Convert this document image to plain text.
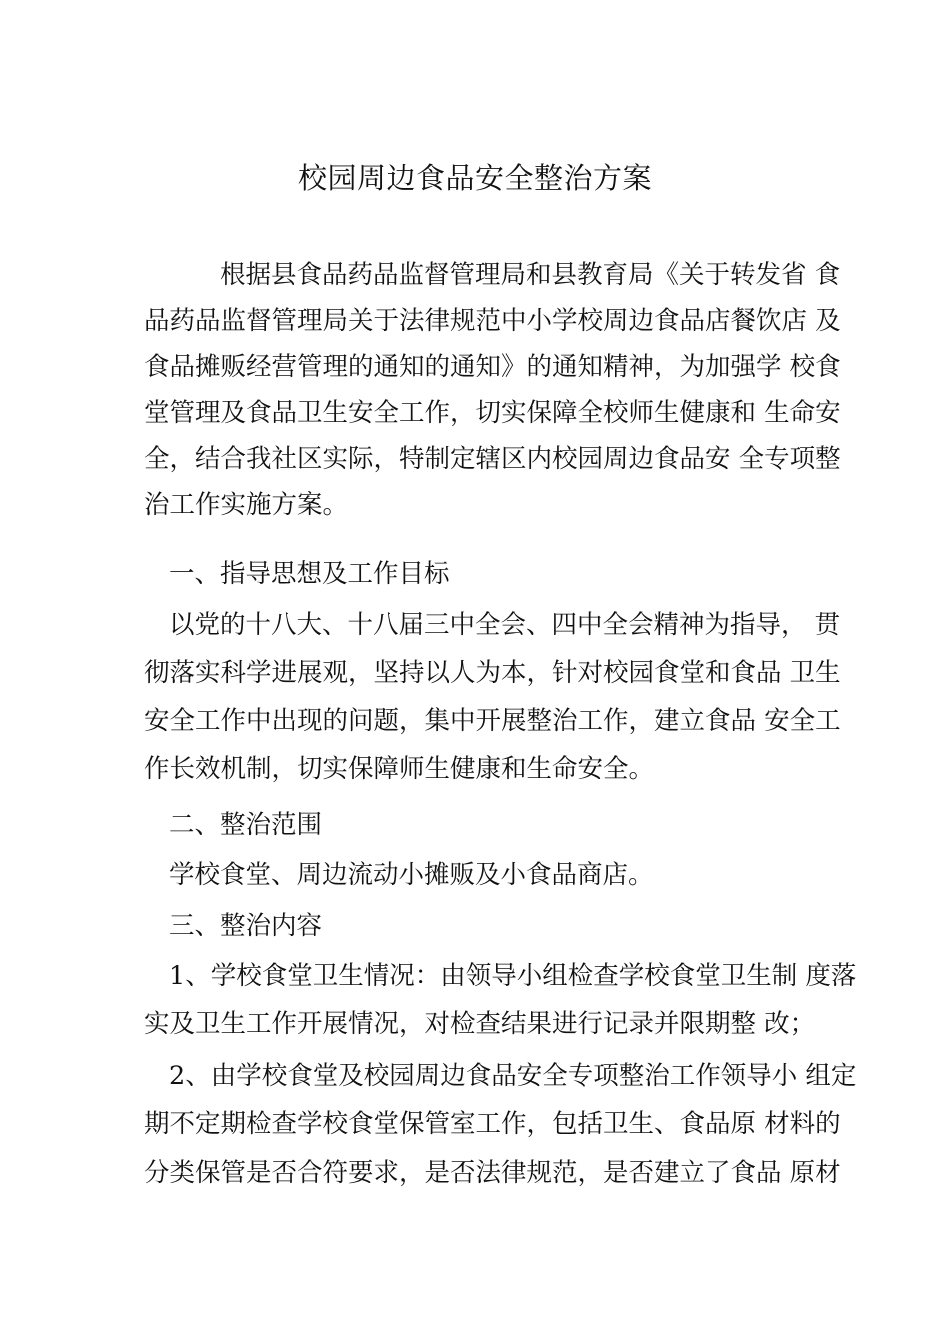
校园周边食品安全整治方案
根据县食品药品监督管理局和县教育局《关于转发省 食
品药品监督管理局关于法律规范中小学校周边食品店餐饮店 及
食品摊贩经营管理的通知的通知》的通知精神，为加强学 校食
堂管理及食品卫生安全工作，切实保障全校师生健康和 生命安
全，结合我社区实际，特制定辖区内校园周边食品安 全专项整
治工作实施方案。
一、指导思想及工作目标
以党的十八大、十八届三中全会、四中全会精神为指导， 贯
彻落实科学进展观，坚持以人为本，针对校园食堂和食品 卫生
安全工作中出现的问题，集中开展整治工作，建立食品 安全工
作长效机制，切实保障师生健康和生命安全。
二、整治范围
学校食堂、周边流动小摊贩及小食品商店。
三、整治内容
1、学校食堂卫生情况：由领导小组检查学校食堂卫生制 度落
实及卫生工作开展情况，对检查结果进行记录并限期整 改；
2、由学校食堂及校园周边食品安全专项整治工作领导小 组定
期不定期检查学校食堂保管室工作，包括卫生、食品原 材料的
分类保管是否合符要求，是否法律规范，是否建立了食品 原材
